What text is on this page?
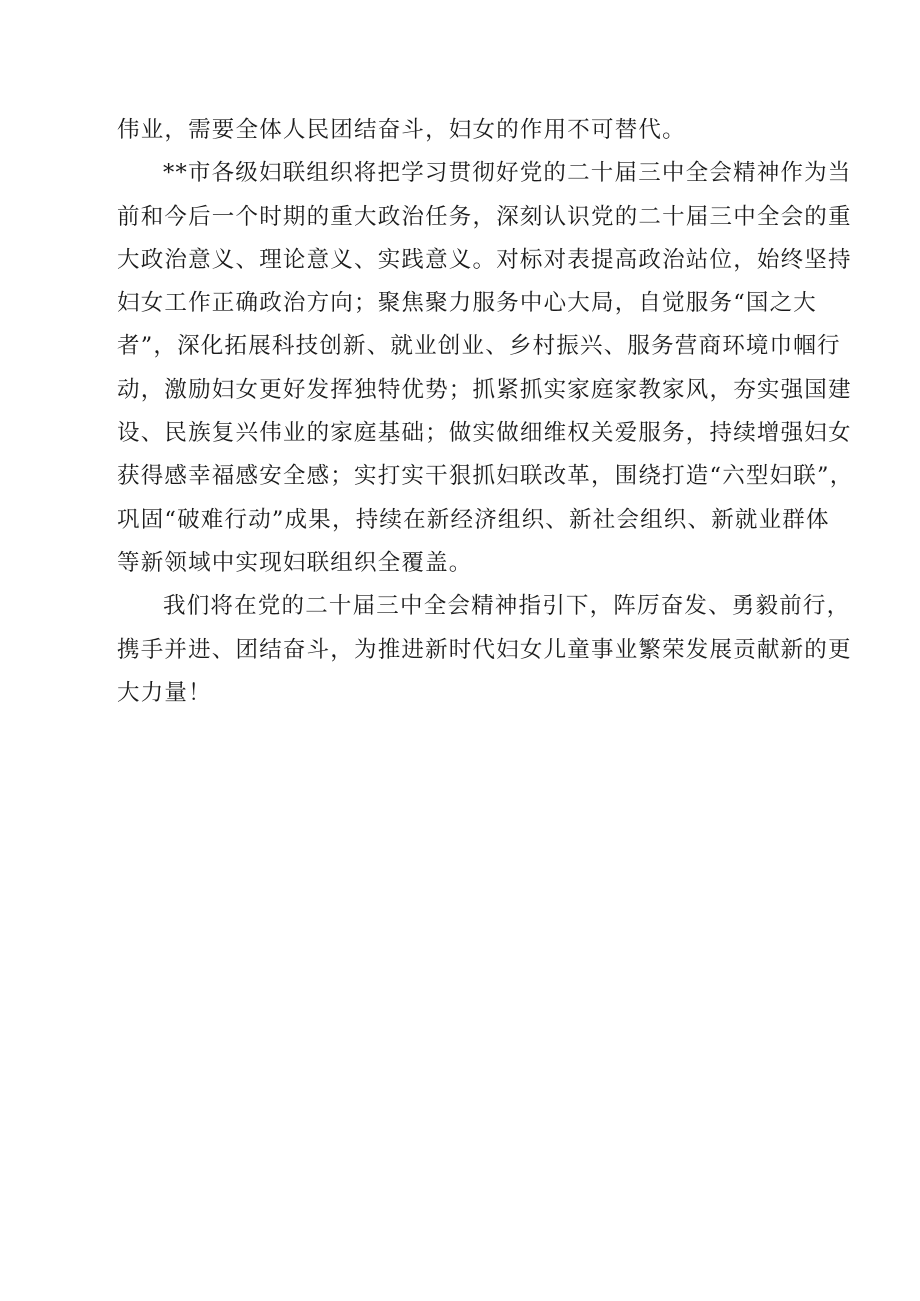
伟业，需要全体人民团结奋斗，妇女的作用不可替代。
**市各级妇联组织将把学习贯彻好党的二十届三中全会精神作为当
前和今后一个时期的重大政治任务，深刻认识党的二十届三中全会的重
大政治意义、理论意义、实践意义。对标对表提高政治站位，始终坚持
妇女工作正确政治方向；聚焦聚力服务中心大局，自觉服务“国之大
者”，深化拓展科技创新、就业创业、乡村振兴、服务营商环境巾帼行
动，激励妇女更好发挥独特优势；抓紧抓实家庭家教家风，夯实强国建
设、民族复兴伟业的家庭基础；做实做细维权关爱服务，持续增强妇女
获得感幸福感安全感；实打实干狠抓妇联改革，围绕打造“六型妇联”，
巩固“破难行动”成果，持续在新经济组织、新社会组织、新就业群体
等新领域中实现妇联组织全覆盖。
我们将在党的二十届三中全会精神指引下，阵厉奋发、勇毅前行，
携手并进、团结奋斗，为推进新时代妇女儿童事业繁荣发展贡献新的更
大力量！
